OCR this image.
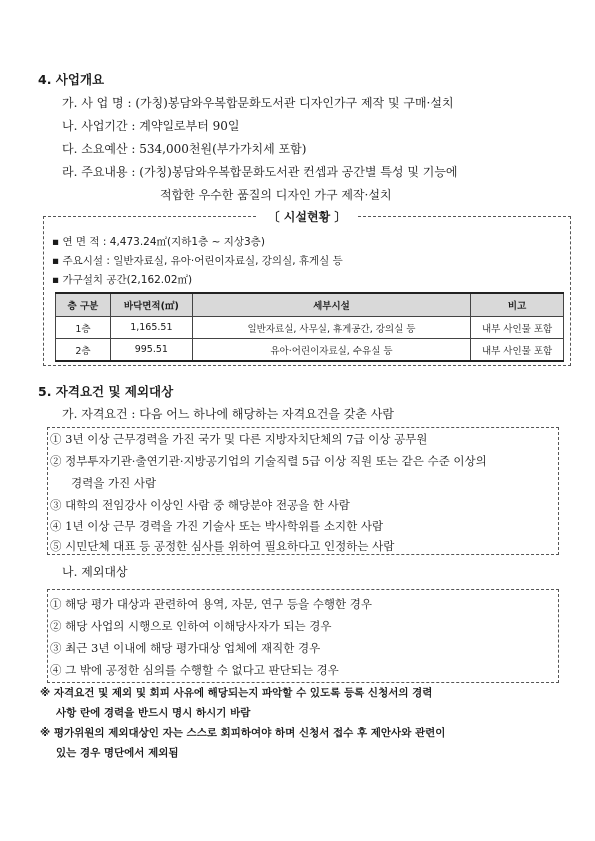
4. 사업개요
가. 사 업 명 : (가칭)봉담와우복합문화도서관 디자인가구 제작 및 구매·설치
나. 사업기간 : 계약일로부터 90일
다. 소요예산 : 534,000천원(부가가치세 포함)
라. 주요내용 : (가칭)봉담와우복합문화도서관 컨셉과 공간별 특성 및 기능에
적합한 우수한 품질의 디자인 가구 제작·설치
〔 시설현황 〕
▪ 연 면 적 : 4,473.24㎡(지하1층 ~ 지상3층)
▪ 주요시설 : 일반자료실, 유아·어린이자료실, 강의실, 휴게실 등
▪ 가구설치 공간(2,162.02㎡)
층 구분	바닥면적(㎡)	세부시설	비고
1층	1,165.51	일반자료실, 사무실, 휴게공간, 강의실 등	내부 사인물 포함
2층	995.51	유아·어린이자료실, 수유실 등	내부 사인물 포함
5. 자격요건 및 제외대상
가. 자격요건 : 다음 어느 하나에 해당하는 자격요건을 갖춘 사람
① 3년 이상 근무경력을 가진 국가 및 다른 지방자치단체의 7급 이상 공무원
② 정부투자기관·출연기관·지방공기업의 기술직렬 5급 이상 직원 또는 같은 수준 이상의
경력을 가진 사람
③ 대학의 전임강사 이상인 사람 중 해당분야 전공을 한 사람
④ 1년 이상 근무 경력을 가진 기술사 또는 박사학위를 소지한 사람
⑤ 시민단체 대표 등 공정한 심사를 위하여 필요하다고 인정하는 사람
나. 제외대상
① 해당 평가 대상과 관련하여 용역, 자문, 연구 등을 수행한 경우
② 해당 사업의 시행으로 인하여 이해당사자가 되는 경우
③ 최근 3년 이내에 해당 평가대상 업체에 재직한 경우
④ 그 밖에 공정한 심의를 수행할 수 없다고 판단되는 경우
※ 자격요건 및 제외 및 회피 사유에 해당되는지 파악할 수 있도록 등록 신청서의 경력
사항 란에 경력을 반드시 명시 하시기 바람
※ 평가위원의 제외대상인 자는 스스로 회피하여야 하며 신청서 접수 후 제안사와 관련이
있는 경우 명단에서 제외됨
